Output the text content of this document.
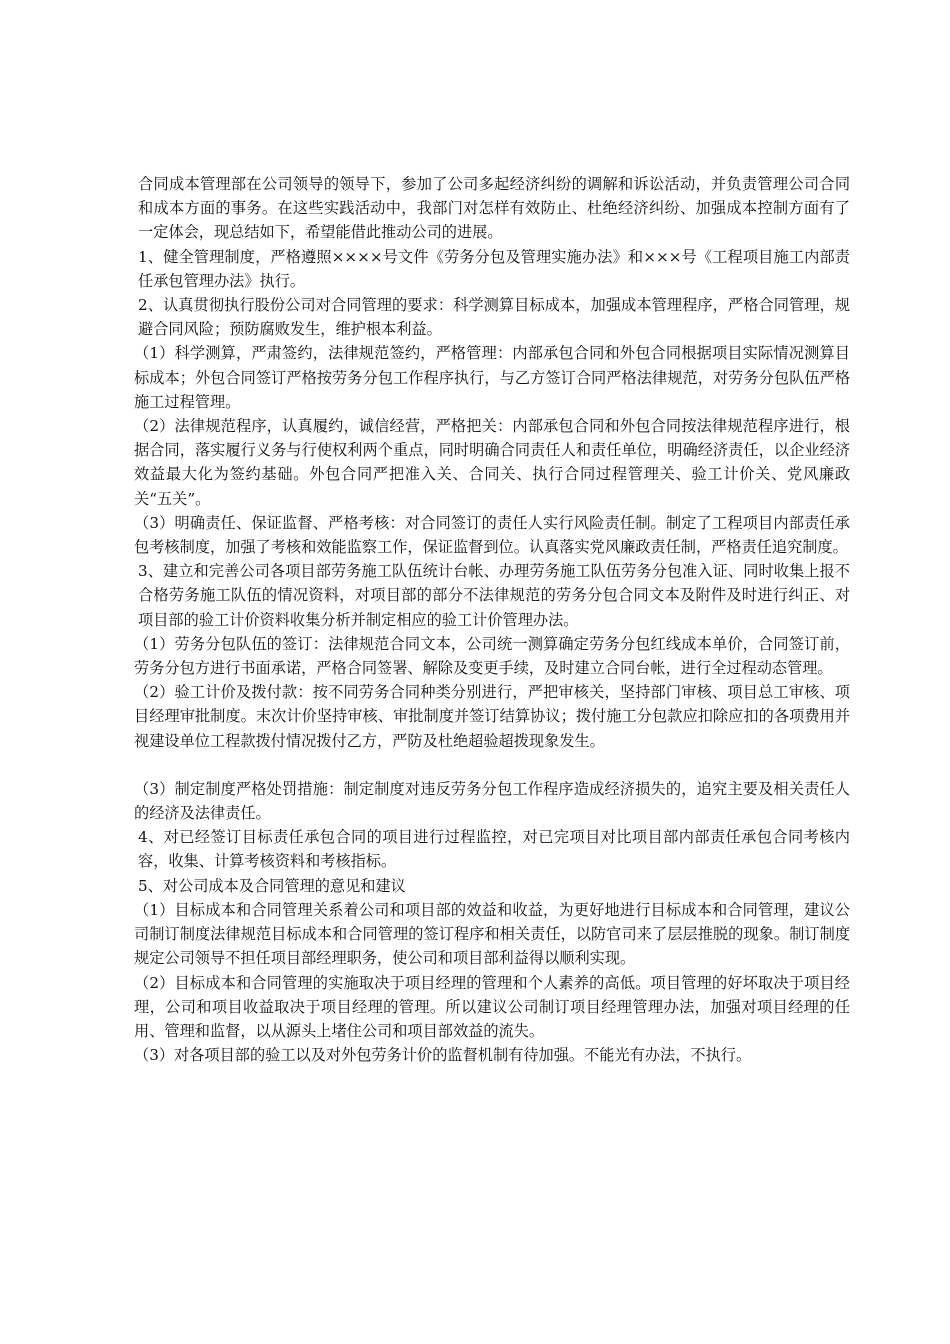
合同成本管理部在公司领导的领导下，参加了公司多起经济纠纷的调解和诉讼活动，并负责管理公司合同和成本方面的事务。在这些实践活动中，我部门对怎样有效防止、杜绝经济纠纷、加强成本控制方面有了一定体会，现总结如下，希望能借此推动公司的进展。

1、健全管理制度，严格遵照××××号文件《劳务分包及管理实施办法》和×××号《工程项目施工内部责任承包管理办法》执行。

2、认真贯彻执行股份公司对合同管理的要求：科学测算目标成本，加强成本管理程序，严格合同管理，规避合同风险；预防腐败发生，维护根本利益。

（1）科学测算，严肃签约，法律规范签约，严格管理：内部承包合同和外包合同根据项目实际情况测算目标成本；外包合同签订严格按劳务分包工作程序执行，与乙方签订合同严格法律规范，对劳务分包队伍严格施工过程管理。

（2）法律规范程序，认真履约，诚信经营，严格把关：内部承包合同和外包合同按法律规范程序进行，根据合同，落实履行义务与行使权利两个重点，同时明确合同责任人和责任单位，明确经济责任，以企业经济效益最大化为签约基础。外包合同严把准入关、合同关、执行合同过程管理关、验工计价关、党风廉政关“五关”。

（3）明确责任、保证监督、严格考核：对合同签订的责任人实行风险责任制。制定了工程项目内部责任承包考核制度，加强了考核和效能监察工作，保证监督到位。认真落实党风廉政责任制，严格责任追究制度。

3、建立和完善公司各项目部劳务施工队伍统计台帐、办理劳务施工队伍劳务分包准入证、同时收集上报不合格劳务施工队伍的情况资料，对项目部的部分不法律规范的劳务分包合同文本及附件及时进行纠正、对项目部的验工计价资料收集分析并制定相应的验工计价管理办法。

（1）劳务分包队伍的签订：法律规范合同文本，公司统一测算确定劳务分包红线成本单价，合同签订前，劳务分包方进行书面承诺，严格合同签署、解除及变更手续，及时建立合同台帐，进行全过程动态管理。

（2）验工计价及拨付款：按不同劳务合同种类分别进行，严把审核关，坚持部门审核、项目总工审核、项目经理审批制度。末次计价坚持审核、审批制度并签订结算协议；拨付施工分包款应扣除应扣的各项费用并视建设单位工程款拨付情况拨付乙方，严防及杜绝超验超拨现象发生。

（3）制定制度严格处罚措施：制定制度对违反劳务分包工作程序造成经济损失的，追究主要及相关责任人的经济及法律责任。

4、对已经签订目标责任承包合同的项目进行过程监控，对已完项目对比项目部内部责任承包合同考核内容，收集、计算考核资料和考核指标。

5、对公司成本及合同管理的意见和建议

（1）目标成本和合同管理关系着公司和项目部的效益和收益，为更好地进行目标成本和合同管理，建议公司制订制度法律规范目标成本和合同管理的签订程序和相关责任，以防官司来了层层推脱的现象。制订制度规定公司领导不担任项目部经理职务，使公司和项目部利益得以顺利实现。

（2）目标成本和合同管理的实施取决于项目经理的管理和个人素养的高低。项目管理的好坏取决于项目经理，公司和项目收益取决于项目经理的管理。所以建议公司制订项目经理管理办法，加强对项目经理的任用、管理和监督，以从源头上堵住公司和项目部效益的流失。

（3）对各项目部的验工以及对外包劳务计价的监督机制有待加强。不能光有办法，不执行。
